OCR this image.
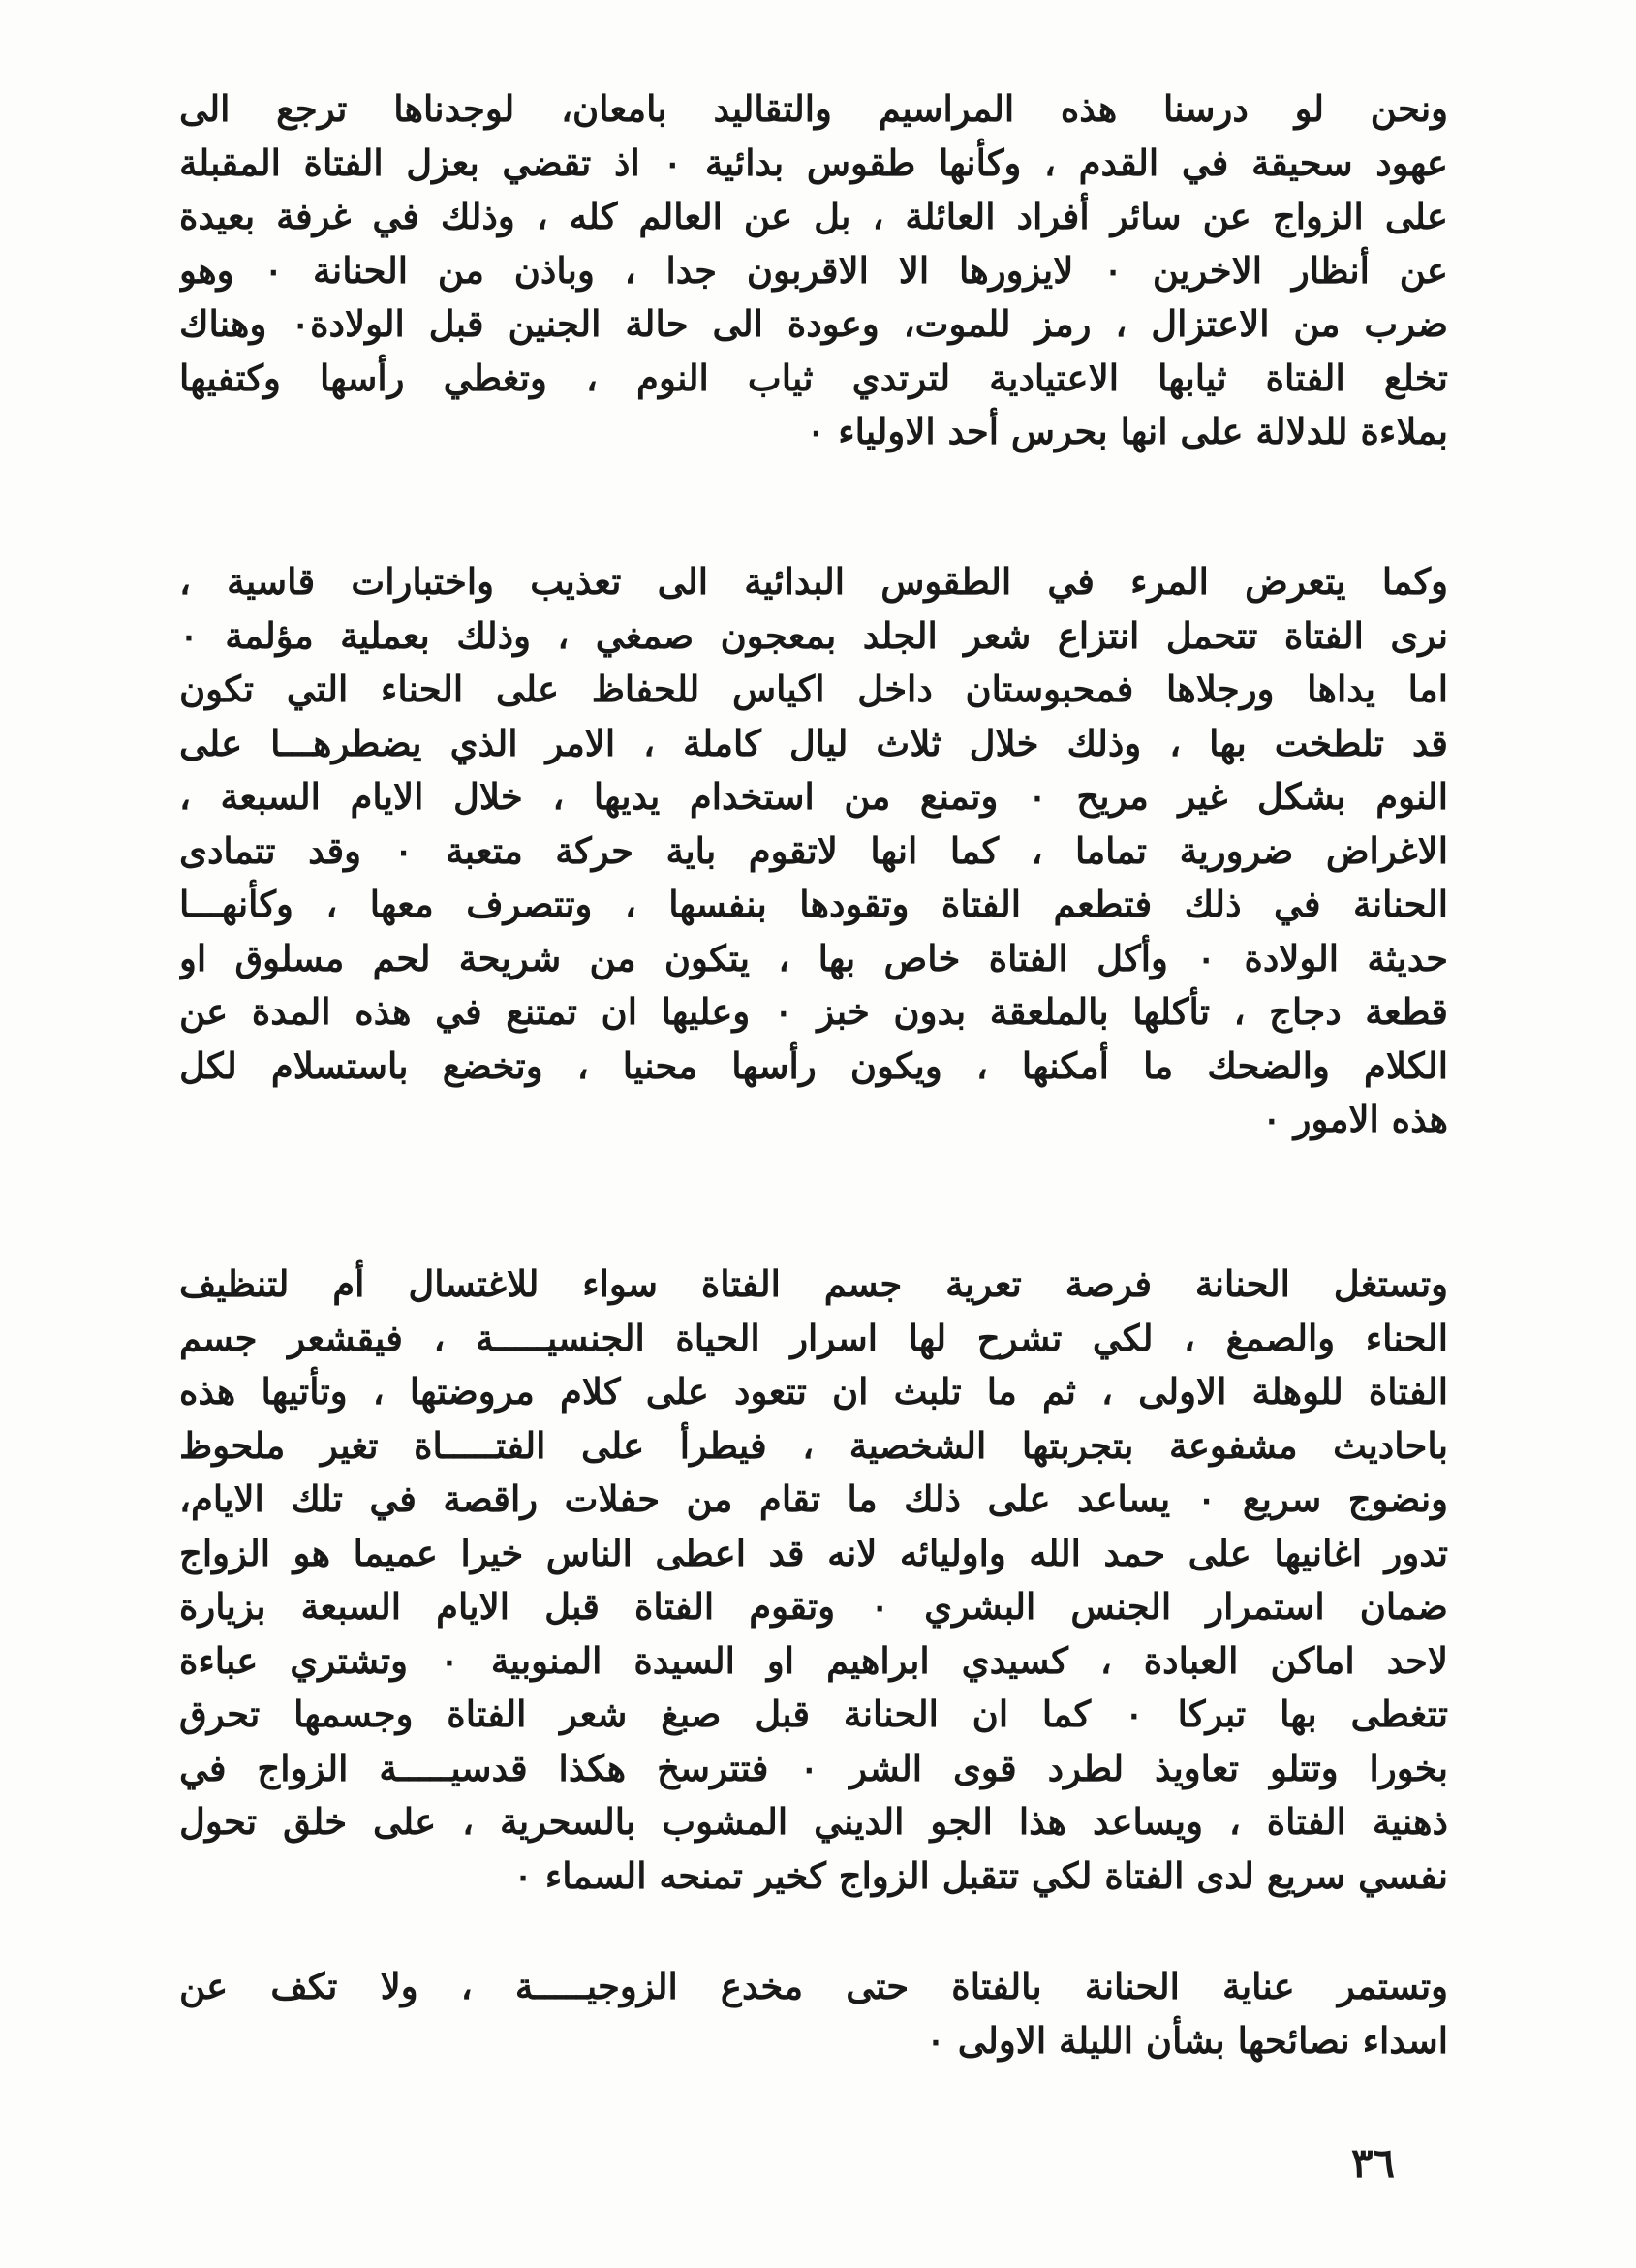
ونحن لو درسنا هذه المراسيم والتقاليد بامعان، لوجدناها ترجع الى
عهود سحيقة في القدم ، وكأنها طقوس بدائية ٠ اذ تقضي بعزل الفتاة المقبلة
على الزواج عن سائر أفراد العائلة ، بل عن العالم كله ، وذلك في غرفة بعيدة
عن أنظار الاخرين ٠ لايزورها الا الاقربون جدا ، وباذن من الحنانة ٠ وهو
ضرب من الاعتزال ، رمز للموت، وعودة الى حالة الجنين قبل الولادة٠ وهناك
تخلع الفتاة ثيابها الاعتيادية لترتدي ثياب النوم ، وتغطي رأسها وكتفيها
بملاءة للدلالة على انها بحرس أحد الاولياء ٠

وكما يتعرض المرء في الطقوس البدائية الى تعذيب واختبارات قاسية ،
نرى الفتاة تتحمل انتزاع شعر الجلد بمعجون صمغي ، وذلك بعملية مؤلمة ٠
اما يداها ورجلاها فمحبوستان داخل اكياس للحفاظ على الحناء التي تكون
قد تلطخت بها ، وذلك خلال ثلاث ليال كاملة ، الامر الذي يضطرهـــا على
النوم بشكل غير مريح ٠ وتمنع من استخدام يديها ، خلال الايام السبعة ،
الاغراض ضرورية تماما ، كما انها لاتقوم باية حركة متعبة ٠ وقد تتمادى
الحنانة في ذلك فتطعم الفتاة وتقودها بنفسها ، وتتصرف معها ، وكأنهـــا
حديثة الولادة ٠ وأكل الفتاة خاص بها ، يتكون من شريحة لحم مسلوق او
قطعة دجاج ، تأكلها بالملعقة بدون خبز ٠ وعليها ان تمتنع في هذه المدة عن
الكلام والضحك ما أمكنها ، ويكون رأسها محنيا ، وتخضع باستسلام لكل
هذه الامور ٠

وتستغل الحنانة فرصة تعرية جسم الفتاة سواء للاغتسال أم لتنظيف
الحناء والصمغ ، لكي تشرح لها اسرار الحياة الجنسيـــــة ، فيقشعر جسم
الفتاة للوهلة الاولى ، ثم ما تلبث ان تتعود على كلام مروضتها ، وتأتيها هذه
باحاديث مشفوعة بتجربتها الشخصية ، فيطرأ على الفتـــــاة تغير ملحوظ
ونضوج سريع ٠ يساعد على ذلك ما تقام من حفلات راقصة في تلك الايام،
تدور اغانيها على حمد الله واوليائه لانه قد اعطى الناس خيرا عميما هو الزواج
ضمان استمرار الجنس البشري ٠ وتقوم الفتاة قبل الايام السبعة بزيارة
لاحد اماكن العبادة ، كسيدي ابراهيم او السيدة المنوبية ٠ وتشتري عباءة
تتغطى بها تبركا ٠ كما ان الحنانة قبل صبغ شعر الفتاة وجسمها تحرق
بخورا وتتلو تعاويذ لطرد قوى الشر ٠ فتترسخ هكذا قدسيـــــة الزواج في
ذهنية الفتاة ، ويساعد هذا الجو الديني المشوب بالسحرية ، على خلق تحول
نفسي سريع لدى الفتاة لكي تتقبل الزواج كخير تمنحه السماء ٠

وتستمر عناية الحنانة بالفتاة حتى مخدع الزوجيـــــة ، ولا تكف عن
اسداء نصائحها بشأن الليلة الاولى ٠

٣٦
